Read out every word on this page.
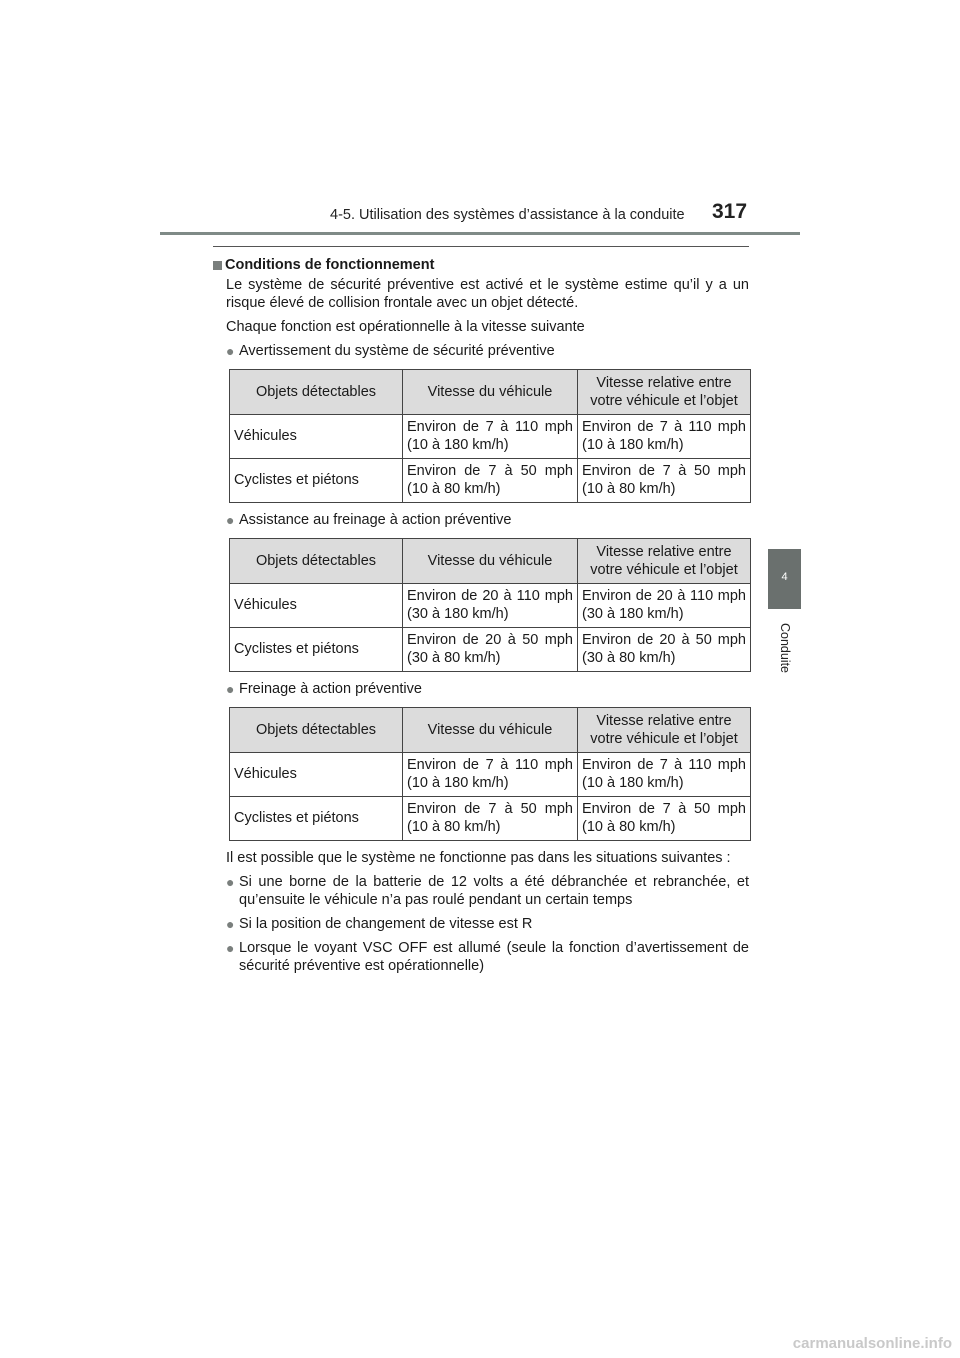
4-5. Utilisation des systèmes d’assistance à la conduite 317
4
Conduite
Conditions de fonctionnement
Le système de sécurité préventive est activé et le système estime qu’il y a un risque élevé de collision frontale avec un objet détecté.
Chaque fonction est opérationnelle à la vitesse suivante
● Avertissement du système de sécurité préventive
Objets détectables	Vitesse du véhicule	Vitesse relative entre votre véhicule et l’objet
Véhicules	Environ de 7 à 110 mph (10 à 180 km/h)	Environ de 7 à 110 mph (10 à 180 km/h)
Cyclistes et piétons	Environ de 7 à 50 mph (10 à 80 km/h)	Environ de 7 à 50 mph (10 à 80 km/h)
● Assistance au freinage à action préventive
Objets détectables	Vitesse du véhicule	Vitesse relative entre votre véhicule et l’objet
Véhicules	Environ de 20 à 110 mph (30 à 180 km/h)	Environ de 20 à 110 mph (30 à 180 km/h)
Cyclistes et piétons	Environ de 20 à 50 mph (30 à 80 km/h)	Environ de 20 à 50 mph (30 à 80 km/h)
● Freinage à action préventive
Objets détectables	Vitesse du véhicule	Vitesse relative entre votre véhicule et l’objet
Véhicules	Environ de 7 à 110 mph (10 à 180 km/h)	Environ de 7 à 110 mph (10 à 180 km/h)
Cyclistes et piétons	Environ de 7 à 50 mph (10 à 80 km/h)	Environ de 7 à 50 mph (10 à 80 km/h)
Il est possible que le système ne fonctionne pas dans les situations suivantes :
● Si une borne de la batterie de 12 volts a été débranchée et rebranchée, et qu’ensuite le véhicule n’a pas roulé pendant un certain temps
● Si la position de changement de vitesse est R
● Lorsque le voyant VSC OFF est allumé (seule la fonction d’avertissement de sécurité préventive est opérationnelle)
carmanualsonline.info
